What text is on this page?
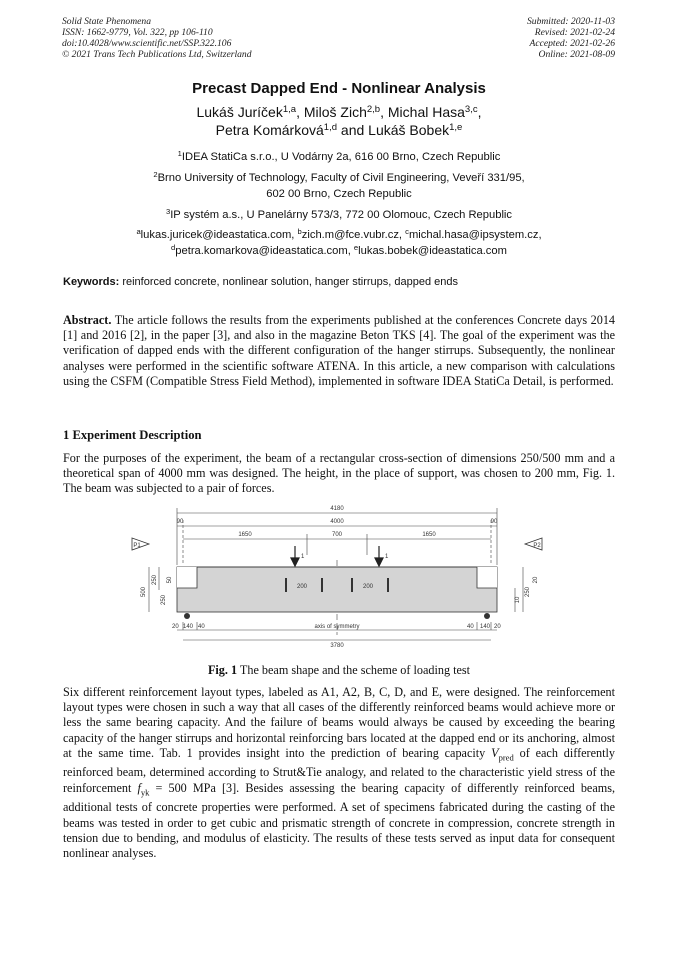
Solid State Phenomena
ISSN: 1662-9779, Vol. 322, pp 106-110
doi:10.4028/www.scientific.net/SSP.322.106
© 2021 Trans Tech Publications Ltd, Switzerland
Submitted: 2020-11-03
Revised: 2021-02-24
Accepted: 2021-02-26
Online: 2021-08-09
Precast Dapped End - Nonlinear Analysis
Lukáš Juríček$^{1,a}$, Miloš Zich$^{2,b}$, Michal Hasa$^{3,c}$,
Petra Komárková$^{1,d}$ and Lukáš Bobek$^{1,e}$
$^1$IDEA StatiCa s.r.o., U Vodárny 2a, 616 00 Brno, Czech Republic
$^2$Brno University of Technology, Faculty of Civil Engineering, Veveří 331/95,
602 00 Brno, Czech Republic
$^3$IP systém a.s., U Panelárny 573/3, 772 00 Olomouc, Czech Republic
$^a$lukas.juricek@ideastatica.com, $^b$zich.m@fce.vubr.cz, $^c$michal.hasa@ipsystem.cz,
$^d$petra.komarkova@ideastatica.com, $^e$lukas.bobek@ideastatica.com
Keywords: reinforced concrete, nonlinear solution, hanger stirrups, dapped ends
Abstract. The article follows the results from the experiments published at the conferences Concrete days 2014 [1] and 2016 [2], in the paper [3], and also in the magazine Beton TKS [4]. The goal of the experiment was the verification of dapped ends with the different configuration of the hanger stirrups. Subsequently, the nonlinear analyses were performed in the scientific software ATENA. In this article, a new comparison with calculations using the CSFM (Compatible Stress Field Method), implemented in software IDEA StatiCa Detail, is performed.
1 Experiment Description
For the purposes of the experiment, the beam of a rectangular cross-section of dimensions 250/500 mm and a theoretical span of 4000 mm was designed. The height, in the place of support, was chosen to 200 mm, Fig. 1. The beam was subjected to a pair of forces.
4180
4000
90	90
1650	700	1650
P1	P2
1	1
200	200
axis of symmetry
3780
500
250
250
50
10
250
20
20 140 40	40 140 20
Fig. 1 The beam shape and the scheme of loading test
Six different reinforcement layout types, labeled as A1, A2, B, C, D, and E, were designed. The reinforcement layout types were chosen in such a way that all cases of the differently reinforced beams would achieve more or less the same bearing capacity. And the failure of beams would always be caused by exceeding the bearing capacity of the hanger stirrups and horizontal reinforcing bars located at the dapped end or its anchoring, almost at the same time. Tab. 1 provides insight into the prediction of bearing capacity $V_{pred}$ of each differently reinforced beam, determined according to Strut&Tie analogy, and related to the characteristic yield stress of the reinforcement $f_{yk} = 500$ MPa [3]. Besides assessing the bearing capacity of differently reinforced beams, additional tests of concrete properties were performed. A set of specimens fabricated during the casting of the beams was tested in order to get cubic and prismatic strength of concrete in compression, concrete strength in tension due to bending, and modulus of elasticity. The results of these tests served as input data for consequent nonlinear analyses.
